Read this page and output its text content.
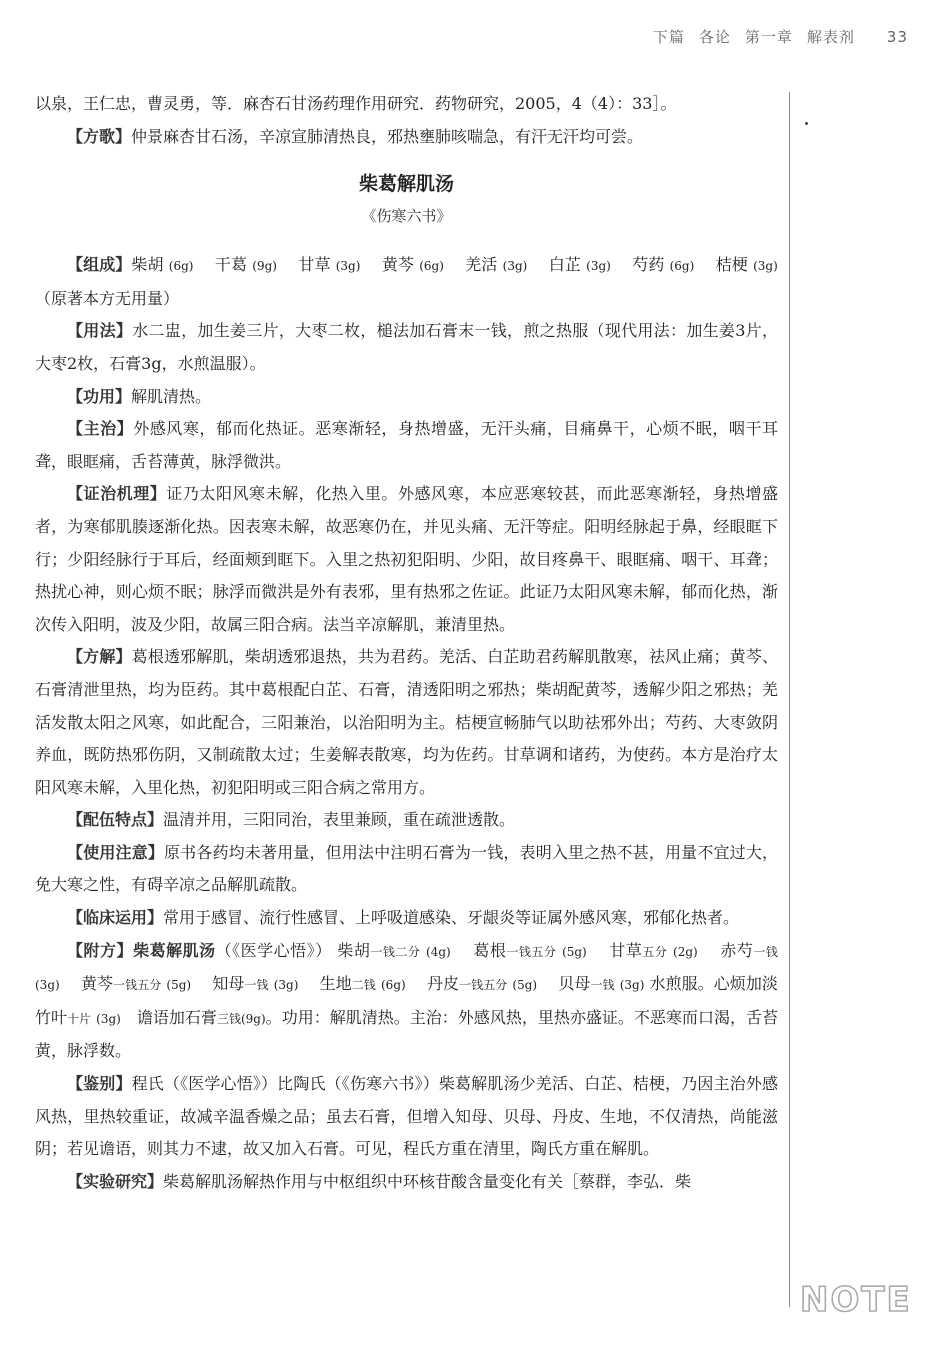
下篇 各论 第一章 解表剂 33
NOTE

以泉，王仁忠，曹灵勇，等．麻杏石甘汤药理作用研究．药物研究，2005，4（4）：33］。

【方歌】仲景麻杏甘石汤，辛凉宣肺清热良，邪热壅肺咳喘急，有汗无汗均可尝。

柴葛解肌汤
《伤寒六书》

【组成】柴胡 (6g)　 干葛 (9g)　 甘草 (3g)　 黄芩 (6g)　 羌活 (3g)　 白芷 (3g)　 芍药 (6g)　 桔梗 (3g)（原著本方无用量）

【用法】水二盅，加生姜三片，大枣二枚，槌法加石膏末一钱，煎之热服（现代用法：加生姜3片，大枣2枚，石膏3g，水煎温服）。

【功用】解肌清热。

【主治】外感风寒，郁而化热证。恶寒渐轻，身热增盛，无汗头痛，目痛鼻干，心烦不眠，咽干耳聋，眼眶痛，舌苔薄黄，脉浮微洪。

【证治机理】证乃太阳风寒未解，化热入里。外感风寒，本应恶寒较甚，而此恶寒渐轻，身热增盛者，为寒郁肌腠逐渐化热。因表寒未解，故恶寒仍在，并见头痛、无汗等症。阳明经脉起于鼻，经眼眶下行；少阳经脉行于耳后，经面颊到眶下。入里之热初犯阳明、少阳，故目疼鼻干、眼眶痛、咽干、耳聋；热扰心神，则心烦不眠；脉浮而微洪是外有表邪，里有热邪之佐证。此证乃太阳风寒未解，郁而化热，渐次传入阳明，波及少阳，故属三阳合病。法当辛凉解肌，兼清里热。

【方解】葛根透邪解肌，柴胡透邪退热，共为君药。羌活、白芷助君药解肌散寒，祛风止痛；黄芩、石膏清泄里热，均为臣药。其中葛根配白芷、石膏，清透阳明之邪热；柴胡配黄芩，透解少阳之邪热；羌活发散太阳之风寒，如此配合，三阳兼治，以治阳明为主。桔梗宣畅肺气以助祛邪外出；芍药、大枣敛阴养血，既防热邪伤阴，又制疏散太过；生姜解表散寒，均为佐药。甘草调和诸药，为使药。本方是治疗太阳风寒未解，入里化热，初犯阳明或三阳合病之常用方。

【配伍特点】温清并用，三阳同治，表里兼顾，重在疏泄透散。

【使用注意】原书各药均未著用量，但用法中注明石膏为一钱，表明入里之热不甚，用量不宜过大，免大寒之性，有碍辛凉之品解肌疏散。

【临床运用】常用于感冒、流行性感冒、上呼吸道感染、牙龈炎等证属外感风寒，邪郁化热者。

【附方】柴葛解肌汤（《医学心悟》） 柴胡一钱二分 (4g)　 葛根一钱五分 (5g)　 甘草五分 (2g)　 赤芍一钱 (3g)　 黄芩一钱五分 (5g)　 知母一钱 (3g)　 生地二钱 (6g)　 丹皮一钱五分 (5g)　 贝母一钱 (3g) 水煎服。心烦加淡竹叶十片 (3g)　 谵语加石膏三钱(9g)。功用：解肌清热。主治：外感风热，里热亦盛证。不恶寒而口渴，舌苔黄，脉浮数。

【鉴别】程氏（《医学心悟》）比陶氏（《伤寒六书》）柴葛解肌汤少羌活、白芷、桔梗，乃因主治外感风热，里热较重证，故减辛温香燥之品；虽去石膏，但增入知母、贝母、丹皮、生地，不仅清热，尚能滋阴；若见谵语，则其力不逮，故又加入石膏。可见，程氏方重在清里，陶氏方重在解肌。

【实验研究】柴葛解肌汤解热作用与中枢组织中环核苷酸含量变化有关［蔡群，李弘．柴
